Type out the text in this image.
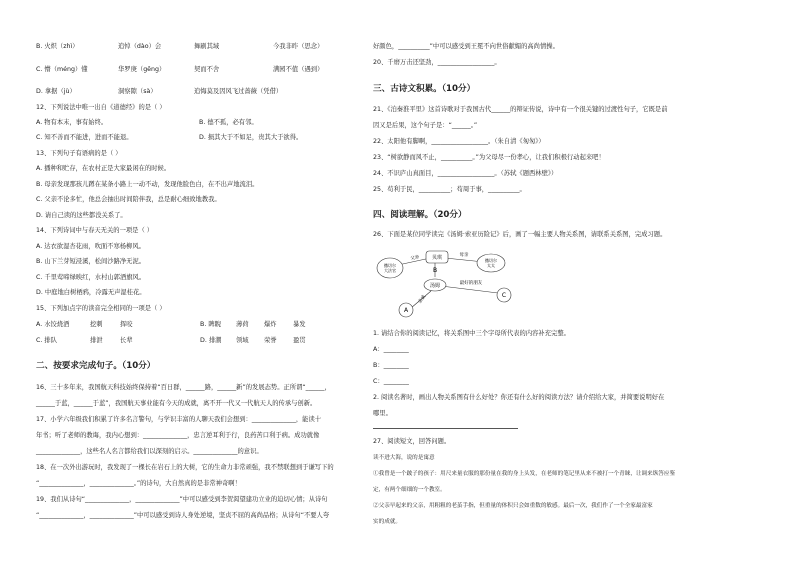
B. 火炽（zhì）	追悼（dào）会	舞刷其域	今我非昨（思念）
C. 懵（méng）懂	华罗庚（gēng）	契而不舍	满园不值（遇到）
D. 拿据（jù）	洞察隙（sà）	追悔莫及因风飞过蔷薇（凭借）
12、下列说法中唯一出自《道德经》的是（ ）
A. 物有本末，事有始终。	B. 德不孤，必有邻。
C. 知不善而不能进，进而不能退。	D. 损其大于不如足，贵其大于欲得。
13、下列句子有语病的是（ ）
A. 播种和贮存，在农村正是大家最闲在的时候。
B. 母亲发现那孩儿蹲在某条小路上一动不动，发现他脸色白，在不出声地流泪。
C. 父亲不论多忙，他总会抽出时间陪伴我，总是耐心细致地教我。
D. 请自己读的这些都没关系了。
14、下列诗词中与春天无关的一项是（ ）
A. 达衣欲湿杏花雨，吹面不寒杨柳风。
B. 山下兰芽短浸溪，松间沙路净无泥。
C. 千里莺啼绿映红，水村山郭酒旗风。
D. 中庭地白树栖鸦，冷露无声湿桂花。
15、下列加点字的读音完全相同的一项是（ ）
A. 水饺烧酒	挖刺	挥咬	B. 睥睨 薄荷 爆炸	暴发
C. 排队	排泄	长辈	D. 排潮 领域 荣誉	盈贯
二、按要求完成句子。（10分）
16、三十多年来，我国航天科技始终保持着“百日群，______路，______新”的发展态势。正所谓“______，
______于蓝，______于蓝”，我国航天事业能有今天的成就，离不开一代又一代航天人的传承与创新。
17、小学六年级我们积累了许多名言警句，与学识丰富的人聊天我们会想到：______________，能读十
年书；听了老师的教诲，我内心想到：______________，忠言逆耳利于行，良药苦口利于病。成功就像
______________，这些名人名言都给我们以深刻的启示。______________的意识。
18、在一次外出游玩时，我发现了一棵长在岩石上的大树，它的生命力非常顽强，我不禁联想到于谦写下的
“______________，______________。”的诗句，大自然真的是非常神奇啊！
19、我们从诗句“______________，______________”中可以感受到李贺渴望建功立业的迫切心情；从诗句
“______________，______________”中可以感受到诗人身处逆境，坚贞不屈的高尚品格；从诗句“不要人夸
好颜色，__________”中可以感受到王冕不向世俗献媚的高尚情操。
20、千磨万击还坚劲，__________________。
三、古诗文积累。（10分）
21、《泊秦淮平里》这首诗歌对于我国古代______的辩证传说，诗中有一个很关键的过渡性句子，它既是前
因又是后果，这个句子是：“______。”
22、太阳他有脚啊，__________________。（朱自清《匆匆》）
23、“树欲静而风不止，__________。”为父母尽一份孝心，让我们积极行动起来吧！
24、不识庐山真面目，__________________。（苏轼《题西林壁》）
25、苟利于民，__________；苟周于事，__________。
四、阅读理解。（20分）
26、下面是某位同学读完《汤姆·索亚历险记》后，画了一幅主要人物关系图，请联系关系图，完成习题。
撒切尔
大法官
贝琪	撒切尔
太太
汤姆
A
B
C
父亲	母亲
最好的朋友
亲戚
1. 请结合你的阅读记忆，将关系图中三个字母所代表的内容补充完整。
A：________
B：________
C：________
2. 阅读名著时，画出人物关系图有什么好处？你还有什么好的阅读方法？请介绍给大家，并简要说明好在
哪里。
27、阅读短文，回答问题。
读不进大海，说的是寓意
①我曾是一个跛子的孩子：用尺来量衣服的那份量在我的身上头发，在老师的笔记里从来不被打一个青睐，让调来纵答应鉴
定，有两个细细的一个教室。
②父亲早起来的父亲，用粗粗的老茧手指，但重量的体积只会如重数的敏感。最后一次，我们作了一个全家最富家
实的成就。
